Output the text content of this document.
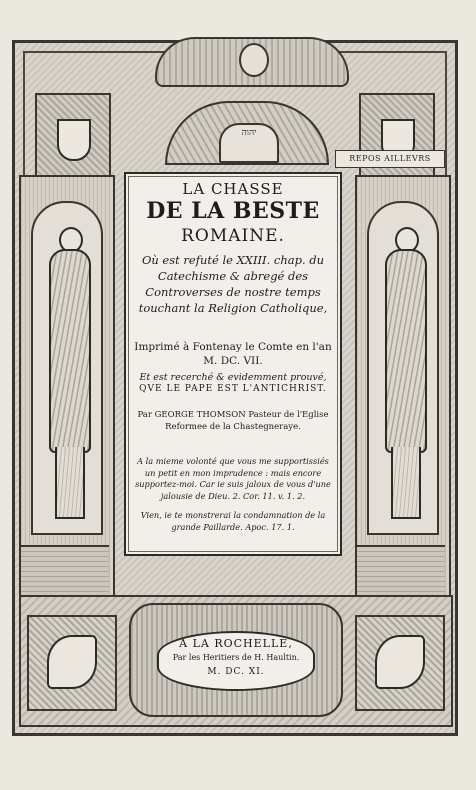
יהוה
REPOS AILLEVRS
A LA ROCHELLE,
Par les Heritiers de H. Haultin.
M. DC. XI.
LA CHASSE
DE LA BESTE
ROMAINE.
Où est refuté le XXIII. chap. du Catechisme & abregé des Controverses de nostre temps touchant la Religion Catholique,
Imprimé à Fontenay le Comte en l'an M. DC. VII.
Et est recerché & evidemment prouvé,
QVE LE PAPE EST L'ANTICHRIST.
Par GEORGE THOMSON Pasteur de l'Eglise Reformee de la Chastegneraye.
A la mieme volonté que vous me supportissiés un petit en mon imprudence : mais encore supportez-moi. Car ie suis jaloux de vous d'une jalousie de Dieu. 2. Cor. 11. v. 1. 2.
Vien, ie te monstrerai la condamnation de la grande Paillarde. Apoc. 17. 1.
